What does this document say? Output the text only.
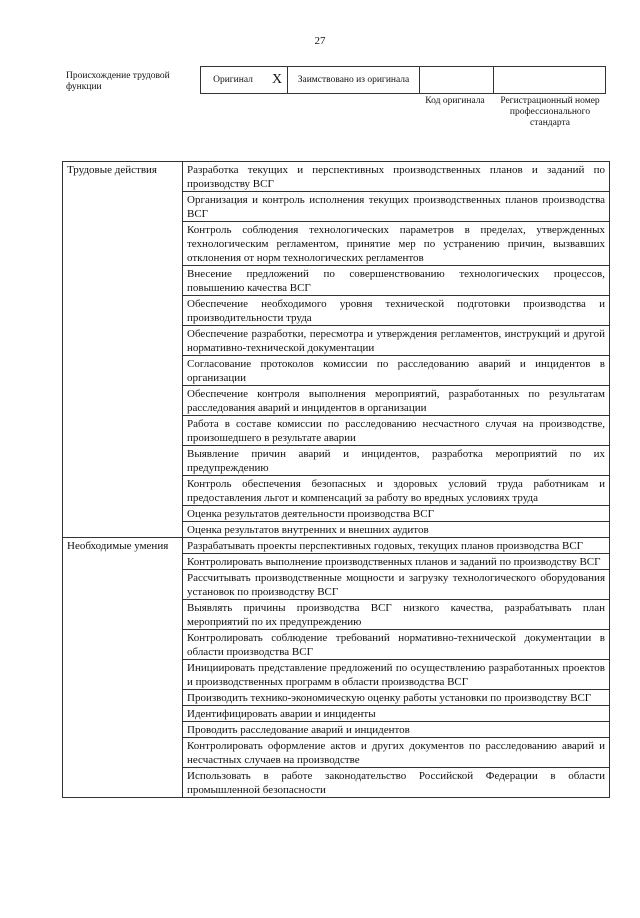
27
Происхождение трудовой функции
Оригинал X Заимствовано из оригинала
Код оригинала	Регистрационный номер профессионального стандарта
Трудовые действия	Разработка текущих и перспективных производственных планов и заданий по производству ВСГ
	Организация и контроль исполнения текущих производственных планов производства ВСГ
	Контроль соблюдения технологических параметров в пределах, утвержденных технологическим регламентом, принятие мер по устранению причин, вызвавших отклонения от норм технологических регламентов
	Внесение предложений по совершенствованию технологических процессов, повышению качества ВСГ
	Обеспечение необходимого уровня технической подготовки производства и производительности труда
	Обеспечение разработки, пересмотра и утверждения регламентов, инструкций и другой нормативно-технической документации
	Согласование протоколов комиссии по расследованию аварий и инцидентов в организации
	Обеспечение контроля выполнения мероприятий, разработанных по результатам расследования аварий и инцидентов в организации
	Работа в составе комиссии по расследованию несчастного случая на производстве, произошедшего в результате аварии
	Выявление причин аварий и инцидентов, разработка мероприятий по их предупреждению
	Контроль обеспечения безопасных и здоровых условий труда работникам и предоставления льгот и компенсаций за работу во вредных условиях труда
	Оценка результатов деятельности производства ВСГ
	Оценка результатов внутренних и внешних аудитов
Необходимые умения	Разрабатывать проекты перспективных годовых, текущих планов производства ВСГ
	Контролировать выполнение производственных планов и заданий по производству ВСГ
	Рассчитывать производственные мощности и загрузку технологического оборудования установок по производству ВСГ
	Выявлять причины производства ВСГ низкого качества, разрабатывать план мероприятий по их предупреждению
	Контролировать соблюдение требований нормативно-технической документации в области производства ВСГ
	Инициировать представление предложений по осуществлению разработанных проектов и производственных программ в области производства ВСГ
	Производить технико-экономическую оценку работы установки по производству ВСГ
	Идентифицировать аварии и инциденты
	Проводить расследование аварий и инцидентов
	Контролировать оформление актов и других документов по расследованию аварий и несчастных случаев на производстве
	Использовать в работе законодательство Российской Федерации в области промышленной безопасности
